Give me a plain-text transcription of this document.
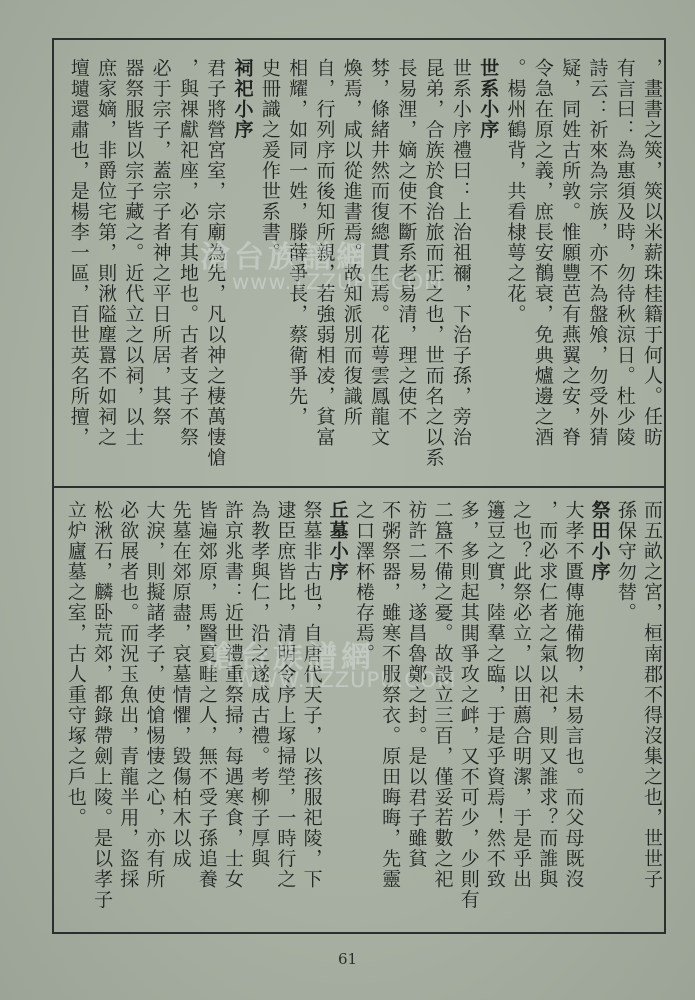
，畫書之筴，筴以米薪珠桂籍于何人。任昉
有言曰：為惠須及時，勿待秋涼日。杜少陵
詩云：祈來為宗族，亦不為盤飧，勿受外猜
疑，同姓古所敦。惟願豐芭有燕翼之安，脊
令急在原之義，庶長安鶺衰，免典爐邊之酒
。楊州鶴背，共看棣萼之花。
世系小序
世系小序禮曰：上治祖禰，下治子孫，旁治
昆弟，合族於食治旅而正之也，世而名之以系
長易浬，嫡之使不斷系老易清，理之使不
棼，條緒井然而復總貫生焉。花萼雲鳳龍文
煥焉，咸以從進書焉。故知派別而復識所
自，行列序而後知所親，若強弱相凌，貧富
相耀，如同一姓，滕薛爭長，蔡衛爭先，
史冊識之爰作世系書。
祠祀小序
君子將營宮室，宗廟為先，凡以神之棲萬悽愴
，與祼獻祀座，必有其地也。古者支子不祭
必于宗子，蓋宗子者神之平日所居，其祭
器祭服皆以宗子藏之。近代立之以祠，以士
庶家嫡，非爵位宅第，則湫隘塵囂不如祠之
壇壝還肅也，是楊李一區，百世英名所擅，
而五畝之宮，桓南郡不得沒集之也，世世子
孫保守勿替。
祭田小序
大孝不匱傳施備物，未易言也。而父母既沒
，而必求仁者之氣以祀，則又誰求？而誰與
之也？此祭必立，以田薦合明潔，于是乎出
籩豆之實，陸羣之臨，于是乎資焉！然不致
多，多則起其閧爭攻之衅，又不可少，少則有
二簋不備之憂。故設立三百，僅妥若數之祀
祊許二易，遂昌魯鄭之封。是以君子雖貧
不粥祭器，雖寒不服祭衣。原田晦晦，先靈
之口澤杯棬存焉。
丘墓小序
祭墓非古也，自唐代天子，以孩服祀陵，下
逮臣庶皆比，清明令序上塚掃塋，一時行之
為教孝與仁，沿之遂成古禮。考柳子厚與
許京兆書：近世禮重祭掃，每遇寒食，士女
皆遍郊原，馬醫夏畦之人，無不受子孫追養
先墓在郊原盡，哀墓情懼，毀傷柏木以成
大淚，則擬諸孝子，使愴惕悽之心，亦有所
必欲展者也。而況玉魚出，青龍半用，盜採
松湫石，麟卧荒郊，都錄帶劍上陵。是以孝子
立炉廬墓之室，古人重守塚之戶也。
滄台族譜網
www.TZZUPU.COM
滄台族譜網
WWW.TZZUPU.COM
61
